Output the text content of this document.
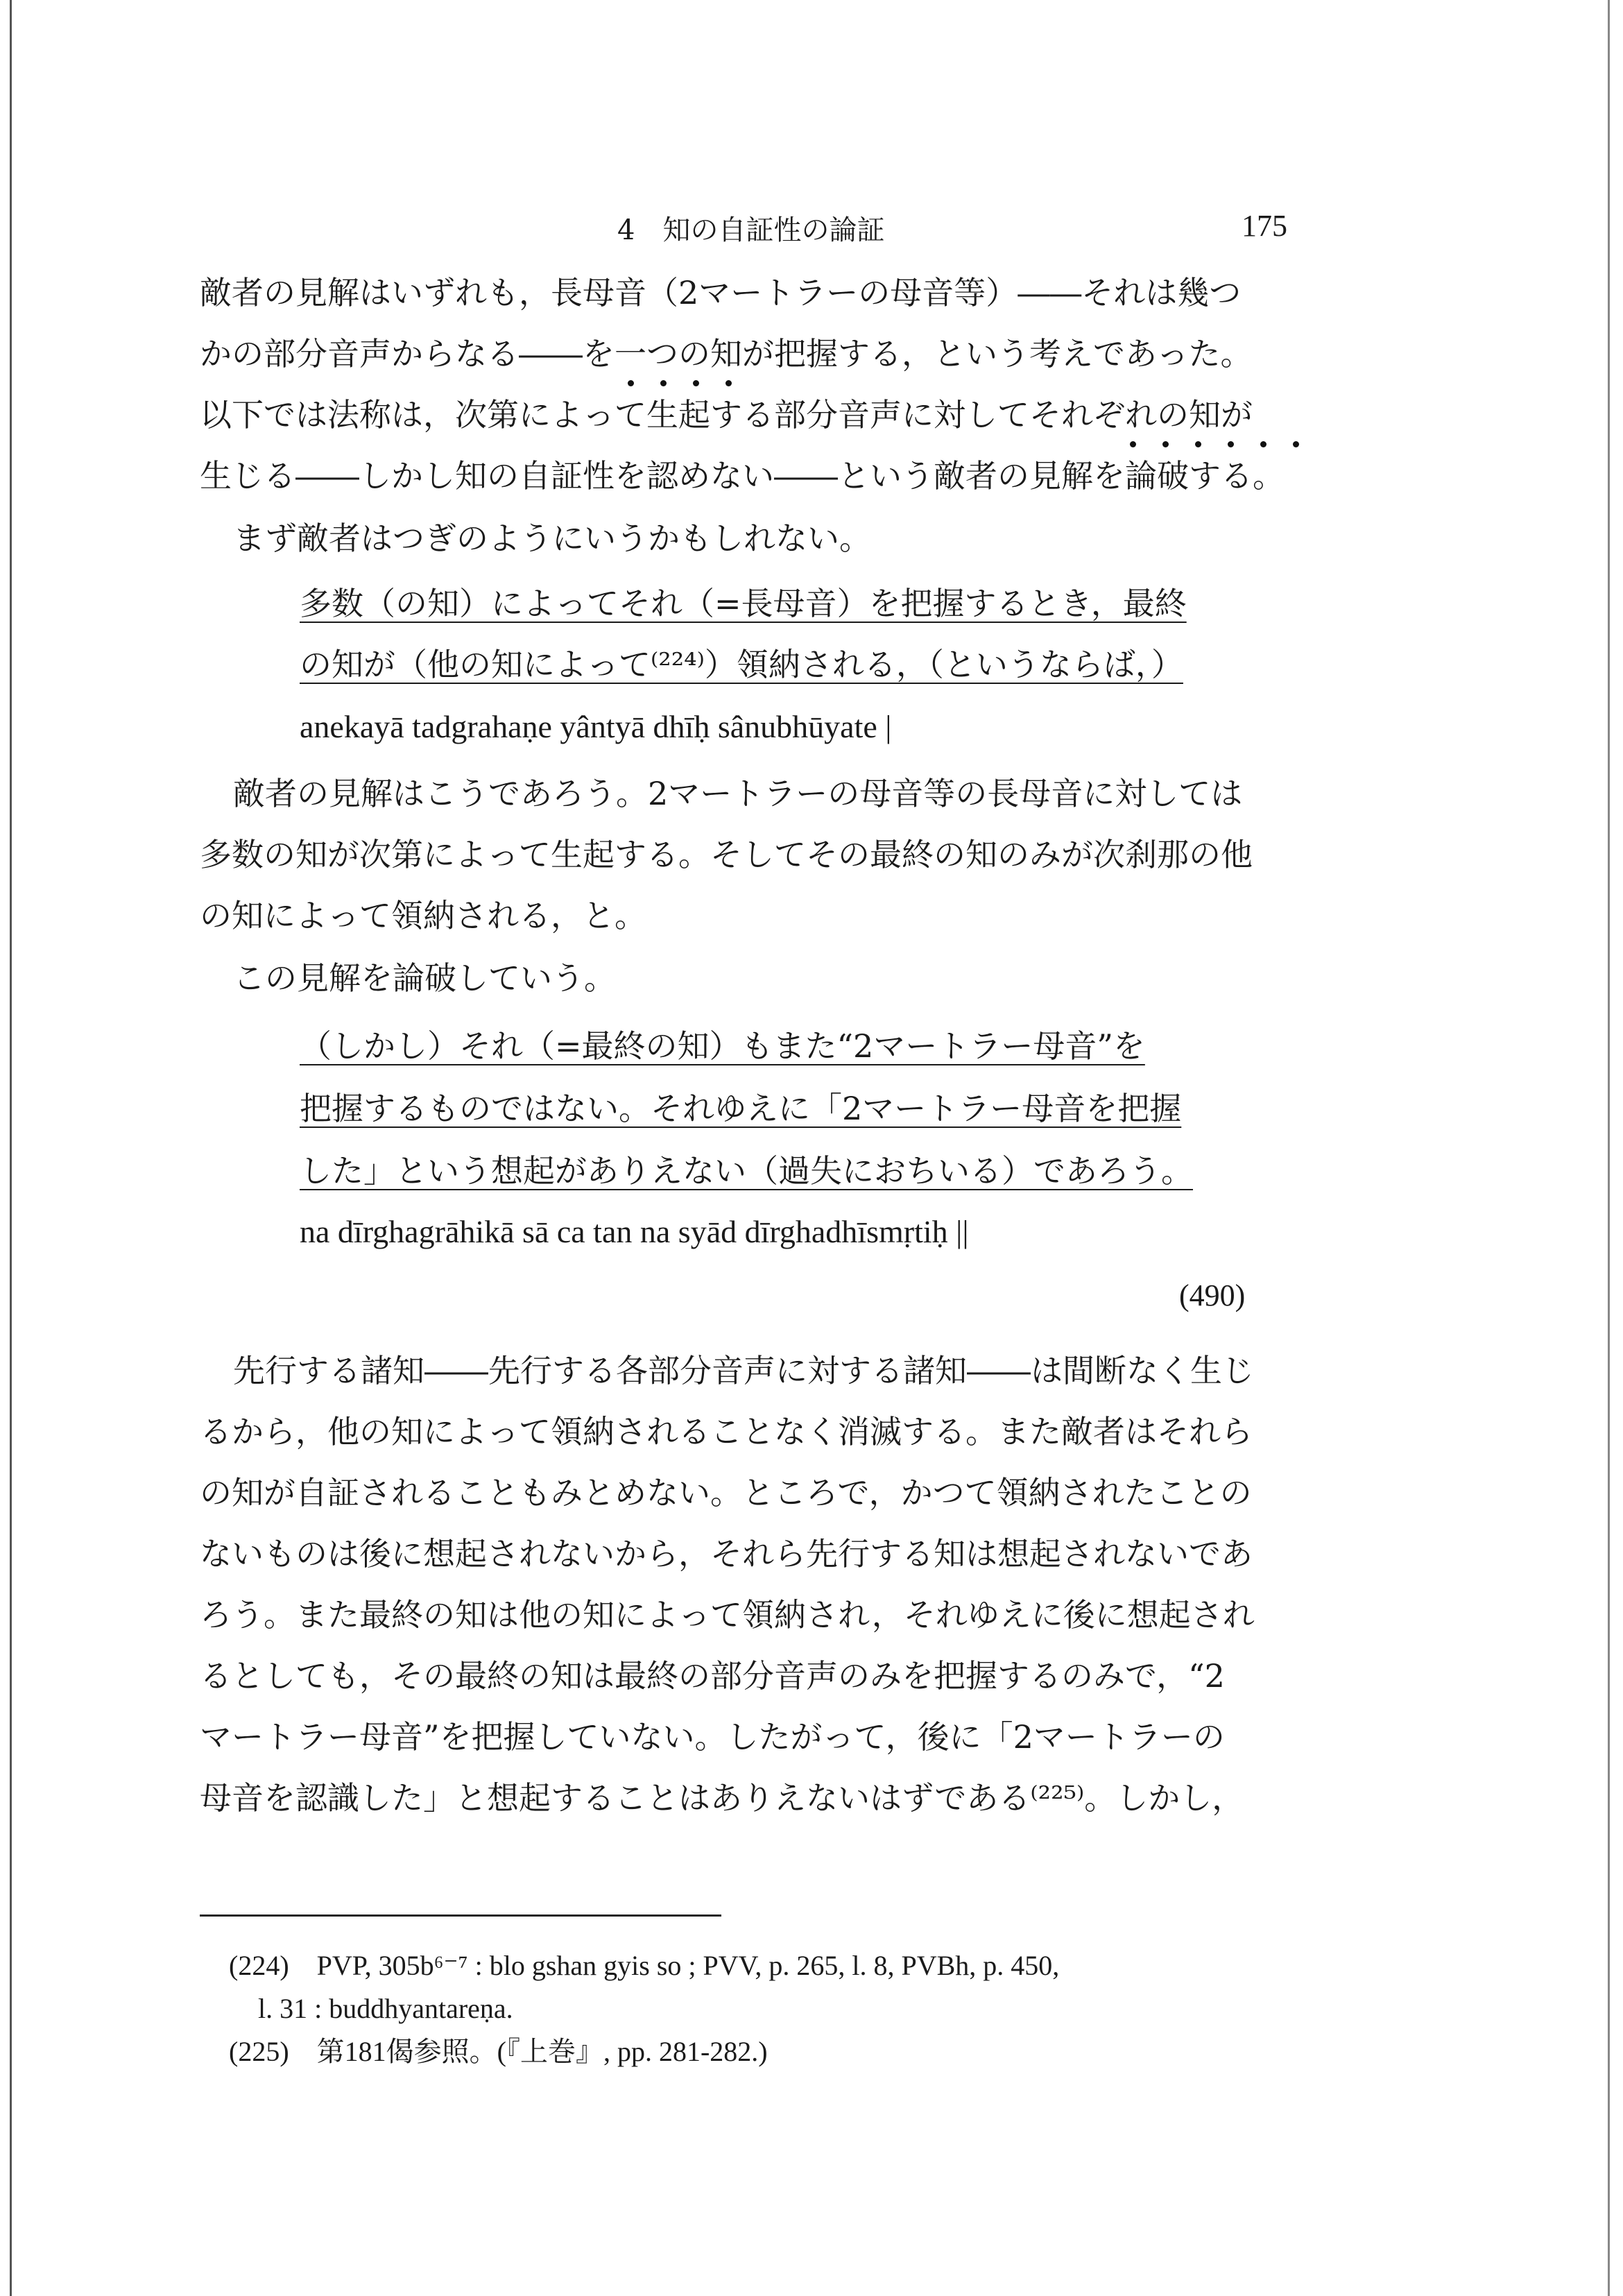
4　知の自証性の論証	175
敵者の見解はいずれも，長母音（2マートラーの母音等）――それは幾つ
かの部分音声からなる――を一つの知が把握する，という考えであった。
以下では法称は，次第によって生起する部分音声に対してそれぞれの知が
生じる――しかし知の自証性を認めない――という敵者の見解を論破する。
まず敵者はつぎのようにいうかもしれない。
多数（の知）によってそれ（=長母音）を把握するとき，最終
の知が（他の知によって⁽²²⁴⁾）領納される，（というならば，）
anekayā tadgrahaṇe yântyā dhīḥ sânubhūyate |
敵者の見解はこうであろう。2マートラーの母音等の長母音に対しては
多数の知が次第によって生起する。そしてその最終の知のみが次刹那の他
の知によって領納される，と。
この見解を論破していう。
（しかし）それ（=最終の知）もまた“2マートラー母音”を
把握するものではない。それゆえに「2マートラー母音を把握
した」という想起がありえない（過失におちいる）であろう。
na dīrghagrāhikā sā ca tan na syād dīrghadhīsmṛtiḥ ||
(490)
先行する諸知――先行する各部分音声に対する諸知――は間断なく生じ
るから，他の知によって領納されることなく消滅する。また敵者はそれら
の知が自証されることもみとめない。ところで，かつて領納されたことの
ないものは後に想起されないから，それら先行する知は想起されないであ
ろう。また最終の知は他の知によって領納され，それゆえに後に想起され
るとしても，その最終の知は最終の部分音声のみを把握するのみで，“2
マートラー母音”を把握していない。したがって，後に「2マートラーの
母音を認識した」と想起することはありえないはずである⁽²²⁵⁾。しかし，
(224)　PVP, 305b⁶⁻⁷ : blo gshan gyis so ; PVV, p. 265, l. 8, PVBh, p. 450,
l. 31 : buddhyantareṇa.
(225)　第181偈参照。(『上巻』, pp. 281-282.)
